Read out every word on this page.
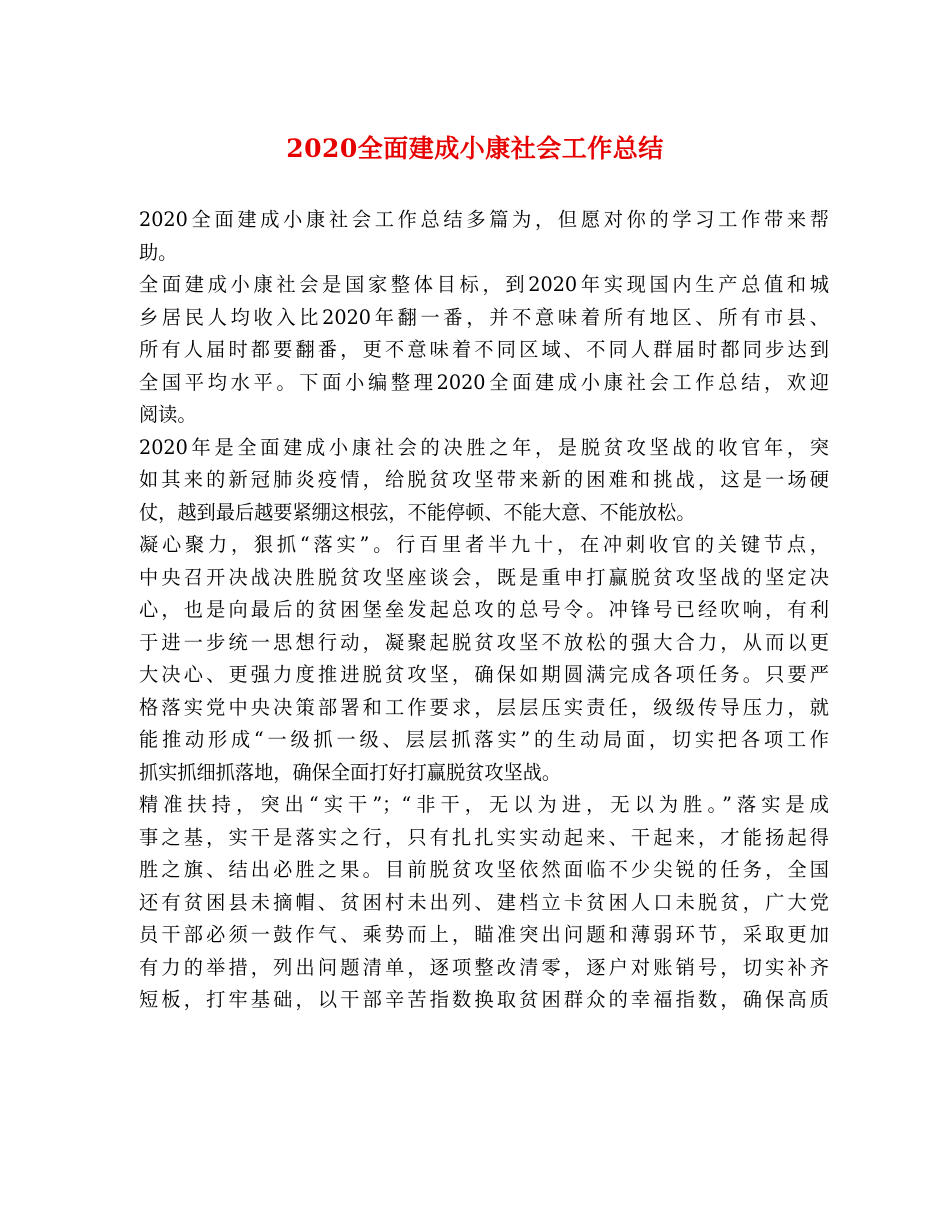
2020全面建成小康社会工作总结
2020全面建成小康社会工作总结多篇为，但愿对你的学习工作带来帮
助。
全面建成小康社会是国家整体目标，到2020年实现国内生产总值和城
乡居民人均收入比2020年翻一番，并不意味着所有地区、所有市县、
所有人届时都要翻番，更不意味着不同区域、不同人群届时都同步达到
全国平均水平。下面小编整理2020全面建成小康社会工作总结，欢迎
阅读。
2020年是全面建成小康社会的决胜之年，是脱贫攻坚战的收官年，突
如其来的新冠肺炎疫情，给脱贫攻坚带来新的困难和挑战，这是一场硬
仗，越到最后越要紧绷这根弦，不能停顿、不能大意、不能放松。
凝心聚力，狠抓“落实”。行百里者半九十，在冲刺收官的关键节点，
中央召开决战决胜脱贫攻坚座谈会，既是重申打赢脱贫攻坚战的坚定决
心，也是向最后的贫困堡垒发起总攻的总号令。冲锋号已经吹响，有利
于进一步统一思想行动，凝聚起脱贫攻坚不放松的强大合力，从而以更
大决心、更强力度推进脱贫攻坚，确保如期圆满完成各项任务。只要严
格落实党中央决策部署和工作要求，层层压实责任，级级传导压力，就
能推动形成“一级抓一级、层层抓落实”的生动局面，切实把各项工作
抓实抓细抓落地，确保全面打好打赢脱贫攻坚战。
精准扶持，突出“实干”；“非干，无以为进，无以为胜。”落实是成
事之基，实干是落实之行，只有扎扎实实动起来、干起来，才能扬起得
胜之旗、结出必胜之果。目前脱贫攻坚依然面临不少尖锐的任务，全国
还有贫困县未摘帽、贫困村未出列、建档立卡贫困人口未脱贫，广大党
员干部必须一鼓作气、乘势而上，瞄准突出问题和薄弱环节，采取更加
有力的举措，列出问题清单，逐项整改清零，逐户对账销号，切实补齐
短板，打牢基础，以干部辛苦指数换取贫困群众的幸福指数，确保高质
